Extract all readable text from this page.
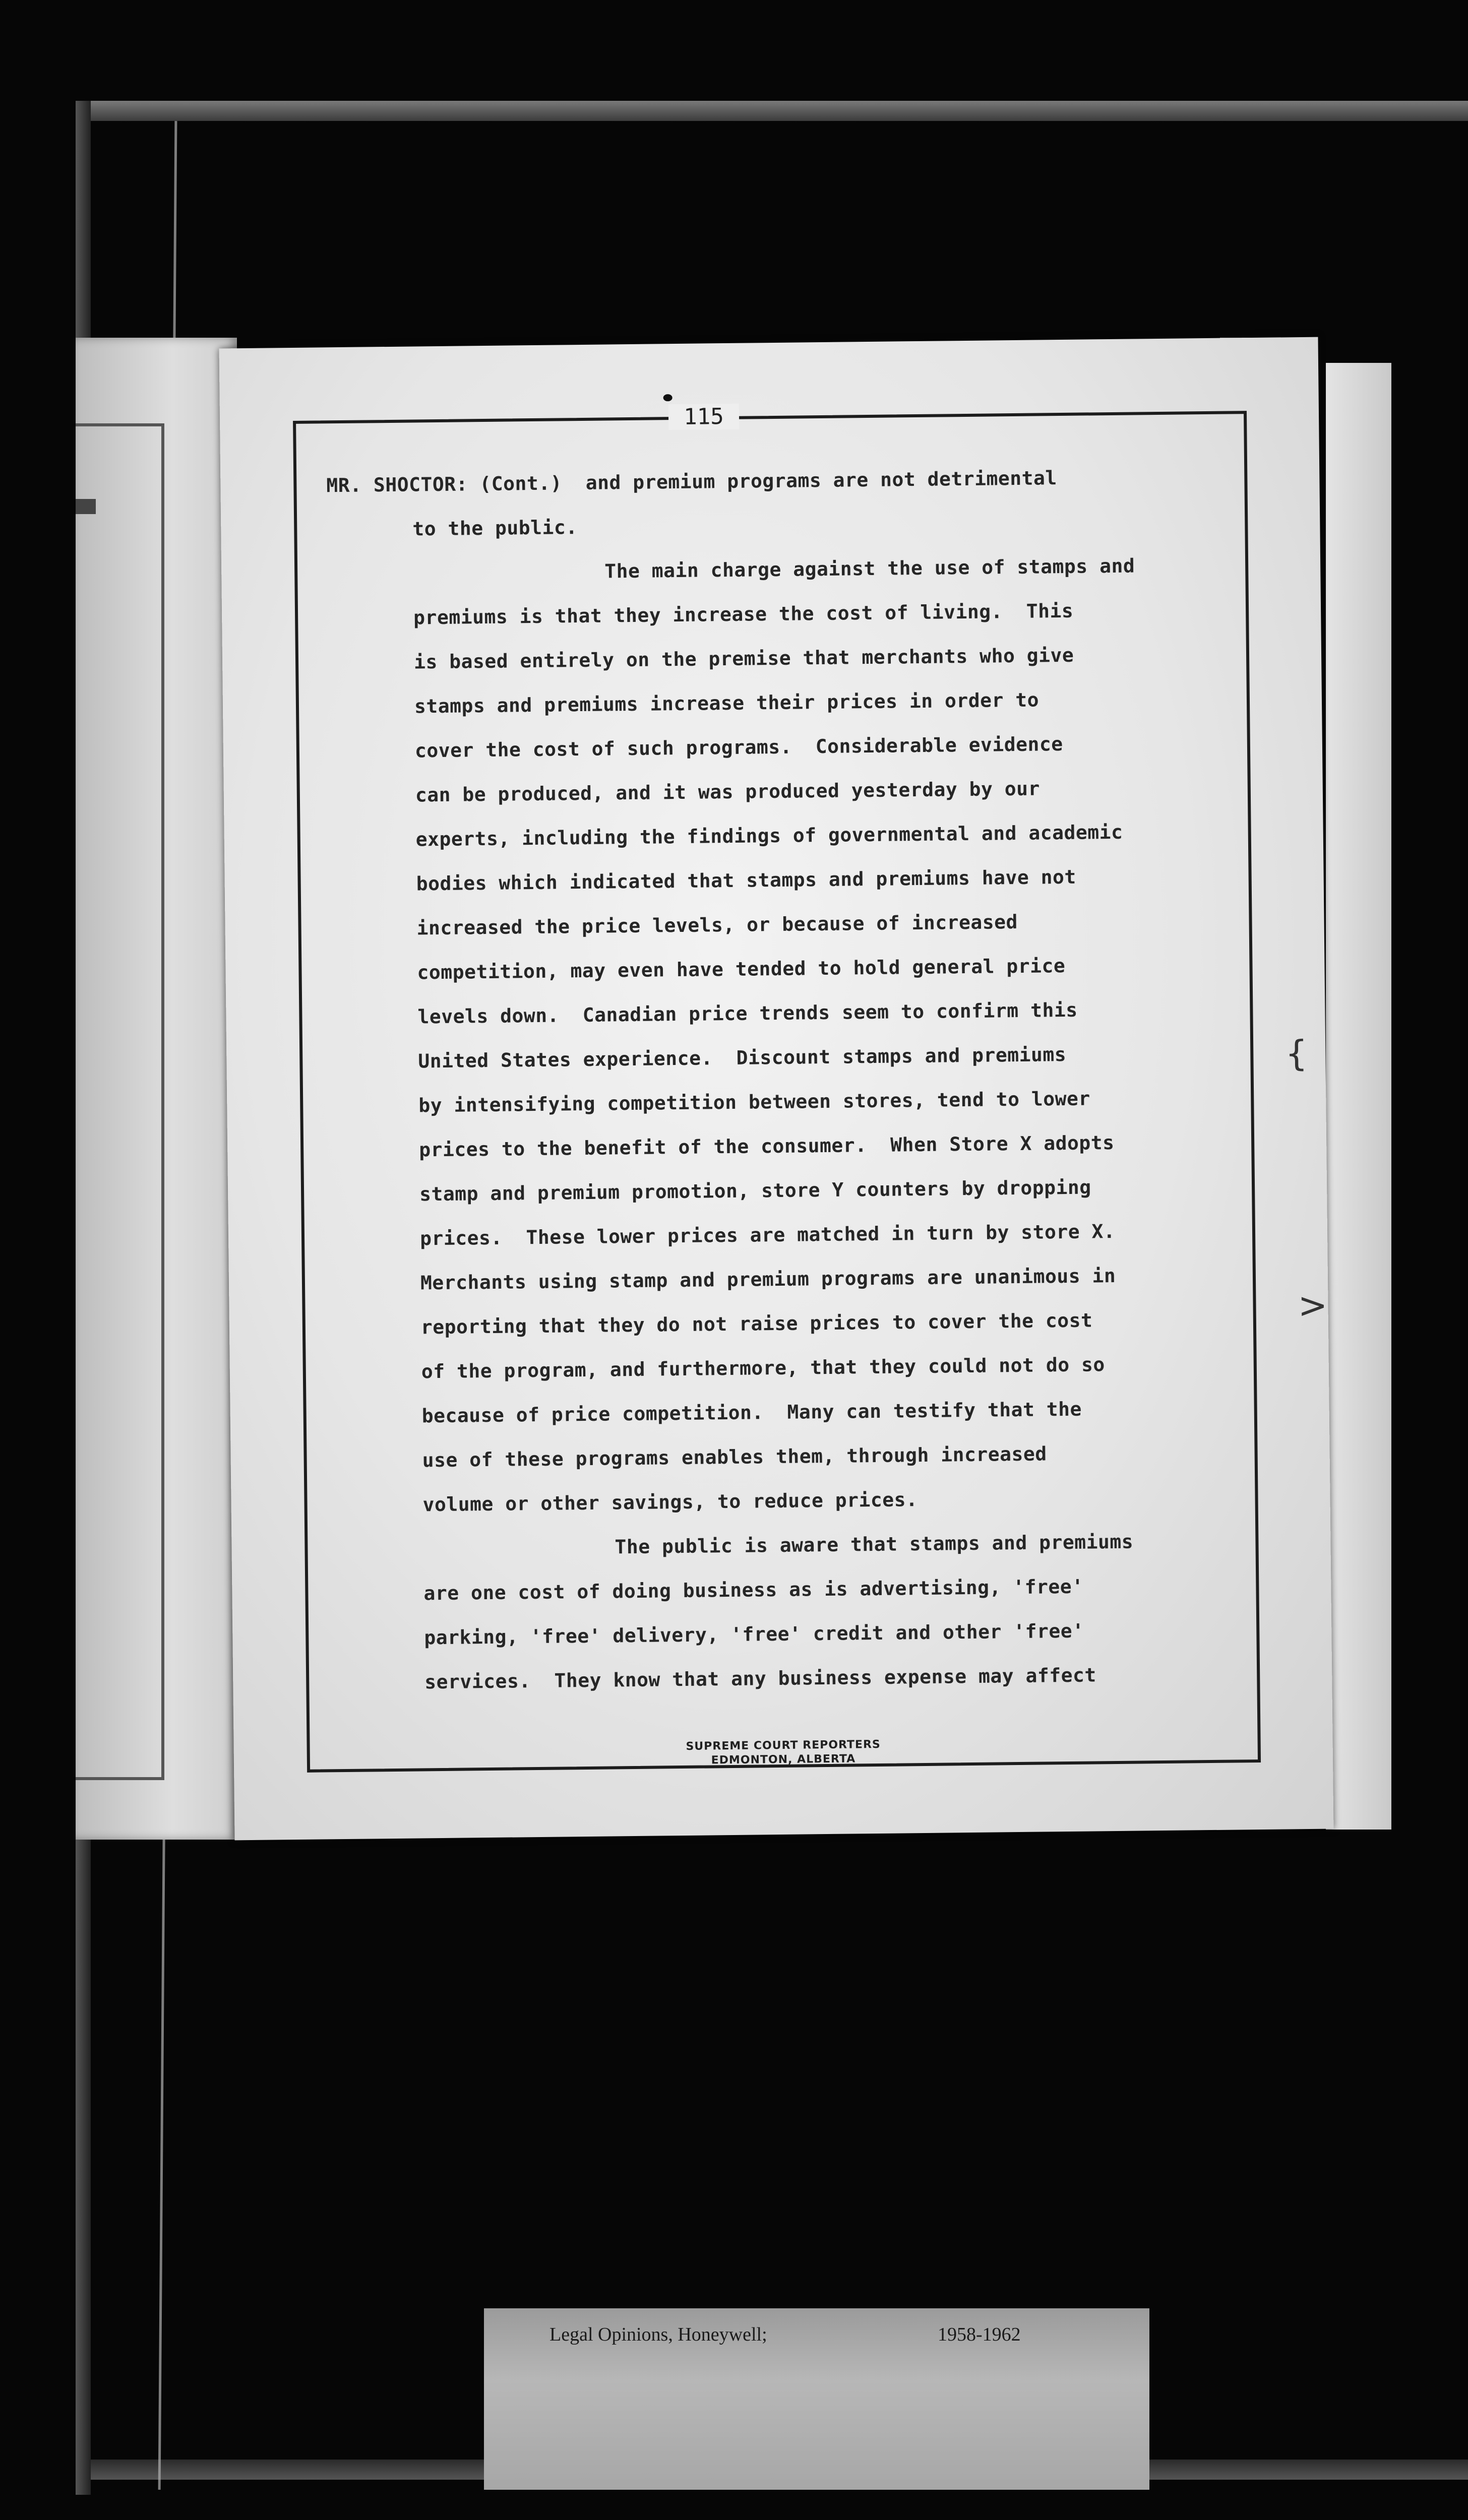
115
MR. SHOCTOR: (Cont.)  and premium programs are not detrimental
to the public.
The main charge against the use of stamps and
premiums is that they increase the cost of living.  This
is based entirely on the premise that merchants who give
stamps and premiums increase their prices in order to
cover the cost of such programs.  Considerable evidence
can be produced, and it was produced yesterday by our
experts, including the findings of governmental and academic
bodies which indicated that stamps and premiums have not
increased the price levels, or because of increased
competition, may even have tended to hold general price
levels down.  Canadian price trends seem to confirm this
United States experience.  Discount stamps and premiums
by intensifying competition between stores, tend to lower
prices to the benefit of the consumer.  When Store X adopts
stamp and premium promotion, store Y counters by dropping
prices.  These lower prices are matched in turn by store X.
Merchants using stamp and premium programs are unanimous in
reporting that they do not raise prices to cover the cost
of the program, and furthermore, that they could not do so
because of price competition.  Many can testify that the
use of these programs enables them, through increased
volume or other savings, to reduce prices.
The public is aware that stamps and premiums
are one cost of doing business as is advertising, 'free'
parking, 'free' delivery, 'free' credit and other 'free'
services.  They know that any business expense may affect
SUPREME COURT REPORTERS
EDMONTON, ALBERTA
{
>
Legal Opinions, Honeywell;	1958-1962
